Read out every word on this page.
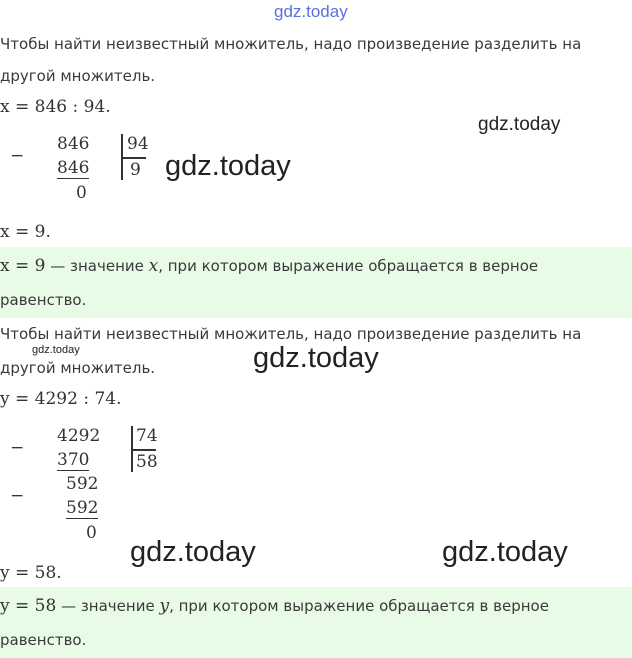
gdz.today
Чтобы найти неизвестный множитель, надо произведение разделить на
другой множитель.
x = 846 : 94.
gdz.today
−
846
846
0
94
9 gdz.today
x = 9.
x = 9 — значение x, при котором выражение обращается в верное
равенство.
Чтобы найти неизвестный множитель, надо произведение разделить на
gdz.today
другой множитель.	gdz.today
y = 4292 : 74.
−
4292
370
−
592
592
0
74
58
gdz.today	gdz.today
y = 58.
y = 58 — значение y, при котором выражение обращается в верное
равенство.
